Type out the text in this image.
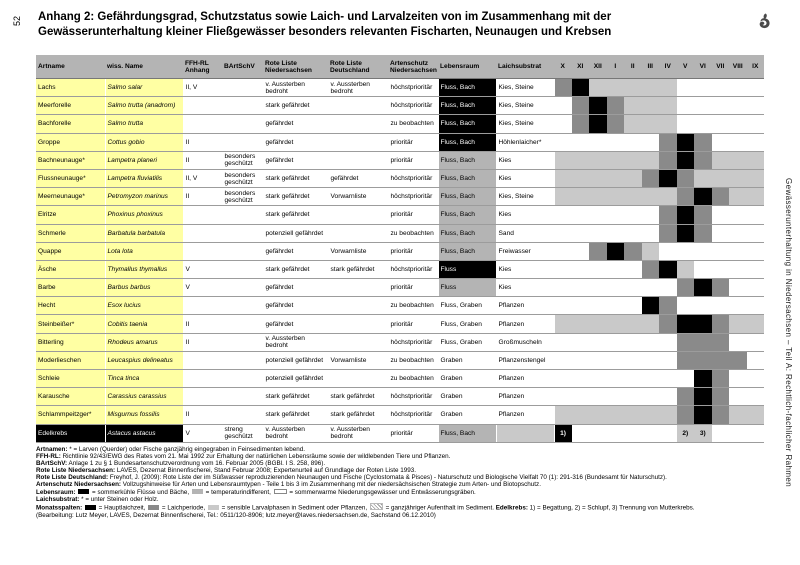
52 Anhang 2: Gefährdungsgrad, Schutzstatus sowie Laich- und Larvalzeiten von im Zusammenhang mit der Gewässerunterhaltung kleiner Fließgewässer besonders relevanten Fischarten, Neunaugen und Krebsen
Artname	wiss. Name	FFH-RL Anhang	BArtSchV	Rote Liste Niedersachsen	Rote Liste Deutschland	Artenschutz Niedersachsen	Lebensraum	Laichsubstrat	X	XI	XII	I	II	III	IV	V	VI	VII	VIII	IX
Lachs	Salmo salar	II, V		v. Aussterben bedroht	v. Aussterben bedroht	höchstprioritär	Fluss, Bach	Kies, Steine												
Meerforelle	Salmo trutta (anadrom)			stark gefährdet		höchstprioritär	Fluss, Bach	Kies, Steine												
Bachforelle	Salmo trutta			gefährdet		zu beobachten	Fluss, Bach	Kies, Steine												
Groppe	Cottus gobio	II		gefährdet		prioritär	Fluss, Bach	Höhlenlaicher*												
Bachneunauge*	Lampetra planeri	II	besonders geschützt	gefährdet		prioritär	Fluss, Bach	Kies												
Flussneunauge*	Lampetra fluviatilis	II, V	besonders geschützt	stark gefährdet	gefährdet	höchstprioritär	Fluss, Bach	Kies												
Meerneunauge*	Petromyzon marinus	II	besonders geschützt	stark gefährdet	Vorwarnliste	höchstprioritär	Fluss, Bach	Kies, Steine												
Elritze	Phoxinus phoxinus			stark gefährdet		prioritär	Fluss, Bach	Kies												
Schmerle	Barbatula barbatula			potenziell gefährdet		zu beobachten	Fluss, Bach	Sand												
Quappe	Lota lota			gefährdet	Vorwarnliste	prioritär	Fluss, Bach	Freiwasser												
Äsche	Thymallus thymallus	V		stark gefährdet	stark gefährdet	höchstprioritär	Fluss	Kies												
Barbe	Barbus barbus	V		gefährdet		prioritär	Fluss	Kies												
Hecht	Esox lucius			gefährdet		zu beobachten	Fluss, Graben	Pflanzen												
Steinbeißer*	Cobitis taenia	II		gefährdet		prioritär	Fluss, Graben	Pflanzen												
Bitterling	Rhodeus amarus	II		v. Aussterben bedroht		höchstprioritär	Fluss, Graben	Großmuscheln												
Moderlieschen	Leucaspius delineatus			potenziell gefährdet	Vorwarnliste	zu beobachten	Graben	Pflanzenstengel												
Schleie	Tinca tinca			potenziell gefährdet		zu beobachten	Graben	Pflanzen												
Karausche	Carassius carassius			stark gefährdet	stark gefährdet	höchstprioritär	Graben	Pflanzen												
Schlammpeitzger*	Misgurnus fossilis	II		stark gefährdet	stark gefährdet	höchstprioritär	Graben	Pflanzen												
Edelkrebs	Astacus astacus	V	streng geschützt	v. Aussterben bedroht	v. Aussterben bedroht	prioritär	Fluss, Bach		1)							2)	3)			

Artnamen: * = Larven (Querder) oder Fische ganzjährig eingegraben in Feinsedimenten lebend.

FFH-RL: Richtlinie 92/43/EWG des Rates vom 21. Mai 1992 zur Erhaltung der natürlichen Lebensräume sowie der wildlebenden Tiere und Pflanzen.

BArtSchV: Anlage 1 zu § 1 Bundesartenschutzverordnung vom 16. Februar 2005 (BGBl. I S. 258, 896).

Rote Liste Niedersachsen: LAVES, Dezernat Binnenfischerei, Stand Februar 2008; Expertenurteil auf Grundlage der Roten Liste 1993.

Rote Liste Deutschland: Freyhof, J. (2009): Rote Liste der im Süßwasser reproduzierenden Neunaugen und Fische (Cyclostomata & Pisces) - Naturschutz und Biologische Vielfalt 70 (1): 291-316 (Bundesamt für Naturschutz).

Artenschutz Niedersachsen: Vollzugshinweise für Arten und Lebensraumtypen - Teile 1 bis 3 im Zusammenhang mit der niedersächsischen Strategie zum Arten- und Biotopschutz.

Lebensraum:  = sommerkühle Flüsse und Bäche,  = temperaturindifferent,  = sommerwarme Niederungsgewässer und Entwässerungsgräben.

Laichsubstrat: * = unter Steinen oder Holz.

Monatsspalten:  = Hauptlaichzeit,  = Laichperiode,  = sensible Larvalphasen in Sediment oder Pflanzen,  = ganzjähriger Aufenthalt im Sediment. Edelkrebs: 1) = Begattung, 2) = Schlupf, 3) Trennung von Mutterkrebs.

(Bearbeitung: Lutz Meyer, LAVES, Dezernat Binnenfischerei, Tel.: 0511/120-8906; lutz.meyer@laves.niedersachsen.de, Sachstand 06.12.2010)

Gewässerunterhaltung in Niedersachsen – Teil A: Rechtlich-fachlicher Rahmen
